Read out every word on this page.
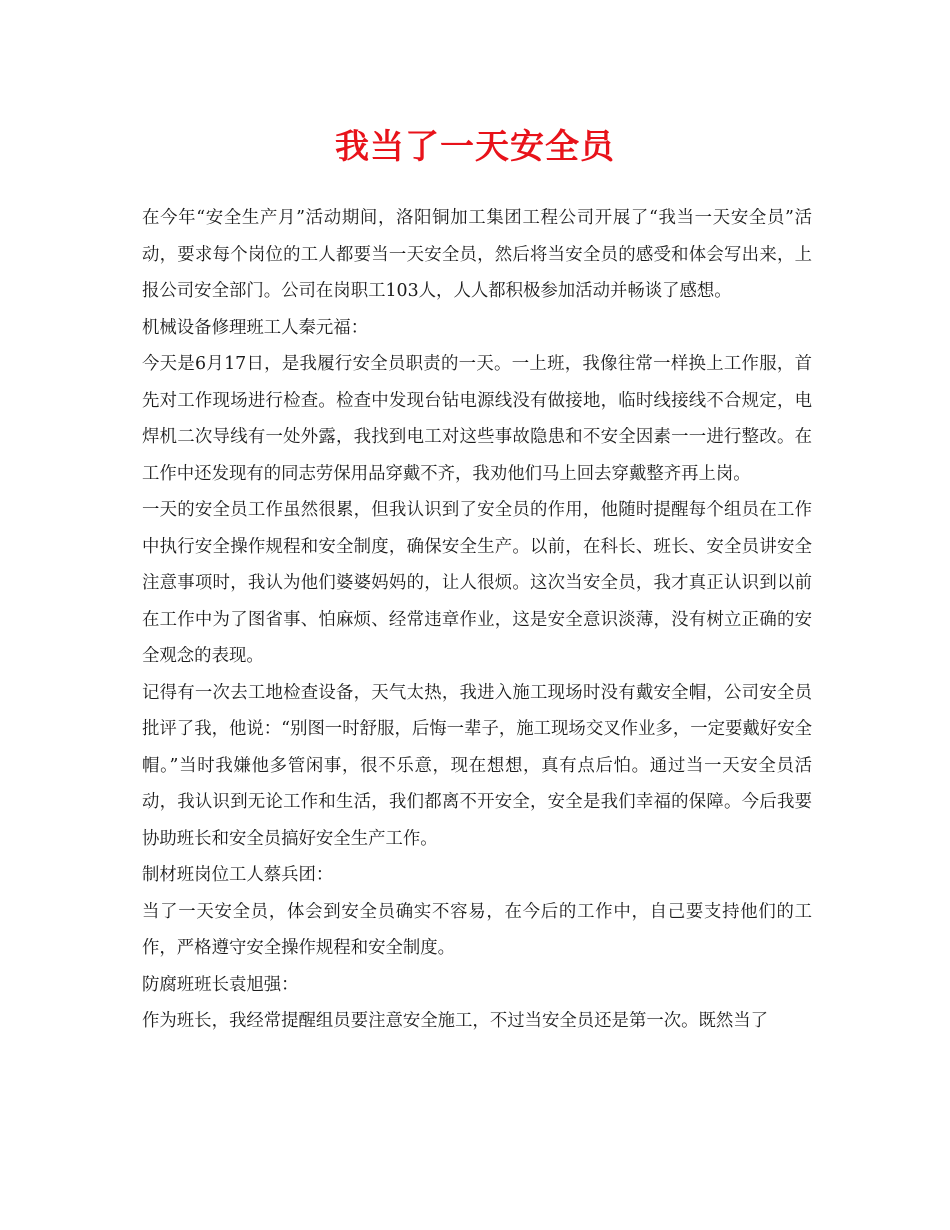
我当了一天安全员

在今年“安全生产月”活动期间，洛阳铜加工集团工程公司开展了“我当一天安全员”活动，要求每个岗位的工人都要当一天安全员，然后将当安全员的感受和体会写出来，上报公司安全部门。公司在岗职工103人，人人都积极参加活动并畅谈了感想。

机械设备修理班工人秦元福：

今天是6月17日，是我履行安全员职责的一天。一上班，我像往常一样换上工作服，首先对工作现场进行检查。检查中发现台钻电源线没有做接地，临时线接线不合规定，电焊机二次导线有一处外露，我找到电工对这些事故隐患和不安全因素一一进行整改。在工作中还发现有的同志劳保用品穿戴不齐，我劝他们马上回去穿戴整齐再上岗。

一天的安全员工作虽然很累，但我认识到了安全员的作用，他随时提醒每个组员在工作中执行安全操作规程和安全制度，确保安全生产。以前，在科长、班长、安全员讲安全注意事项时，我认为他们婆婆妈妈的，让人很烦。这次当安全员，我才真正认识到以前在工作中为了图省事、怕麻烦、经常违章作业，这是安全意识淡薄，没有树立正确的安全观念的表现。

记得有一次去工地检查设备，天气太热，我进入施工现场时没有戴安全帽，公司安全员批评了我，他说：“别图一时舒服，后悔一辈子，施工现场交叉作业多，一定要戴好安全帽。”当时我嫌他多管闲事，很不乐意，现在想想，真有点后怕。通过当一天安全员活动，我认识到无论工作和生活，我们都离不开安全，安全是我们幸福的保障。今后我要协助班长和安全员搞好安全生产工作。

制材班岗位工人蔡兵团：

当了一天安全员，体会到安全员确实不容易，在今后的工作中，自己要支持他们的工作，严格遵守安全操作规程和安全制度。

防腐班班长袁旭强：

作为班长，我经常提醒组员要注意安全施工，不过当安全员还是第一次。既然当了
